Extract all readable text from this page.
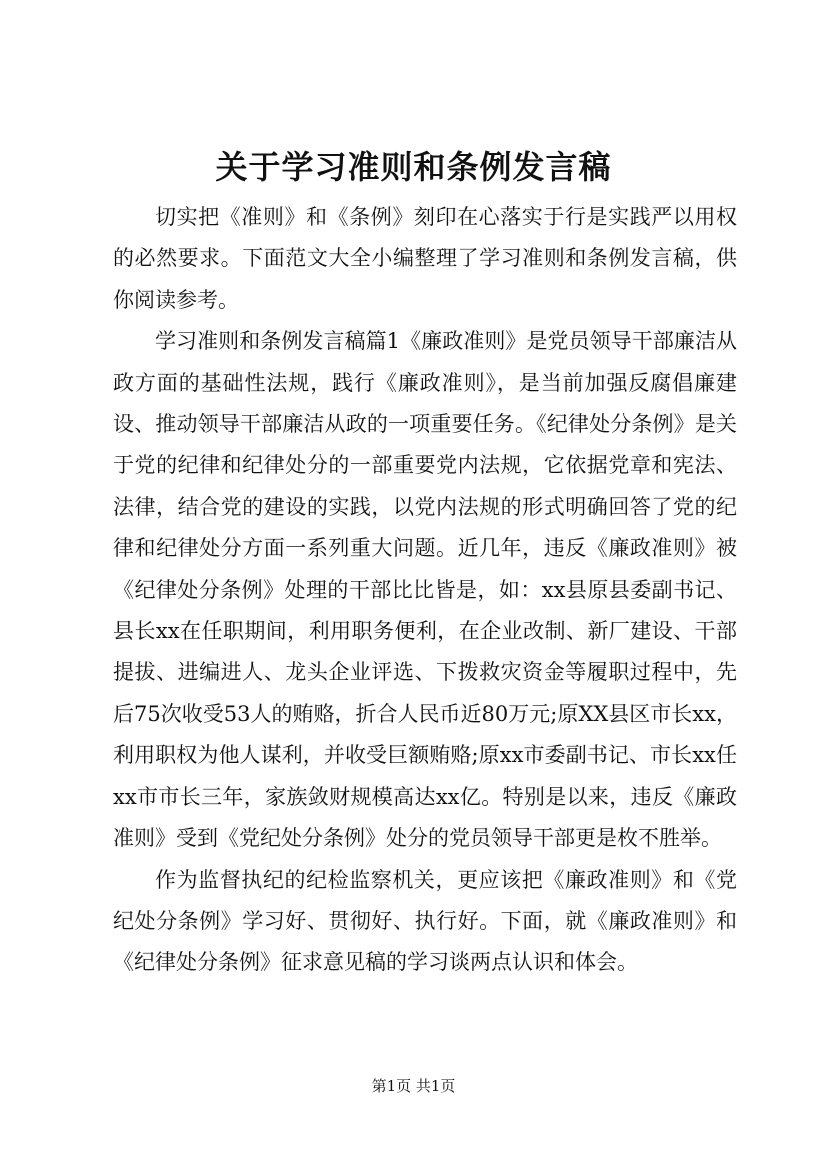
关于学习准则和条例发言稿

切实把《准则》和《条例》刻印在心落实于行是实践严以用权的必然要求。下面范文大全小编整理了学习准则和条例发言稿，供你阅读参考。

学习准则和条例发言稿篇1《廉政准则》是党员领导干部廉洁从政方面的基础性法规，践行《廉政准则》，是当前加强反腐倡廉建设、推动领导干部廉洁从政的一项重要任务。《纪律处分条例》是关于党的纪律和纪律处分的一部重要党内法规，它依据党章和宪法、法律，结合党的建设的实践，以党内法规的形式明确回答了党的纪律和纪律处分方面一系列重大问题。近几年，违反《廉政准则》被《纪律处分条例》处理的干部比比皆是，如：xx县原县委副书记、县长xx在任职期间，利用职务便利，在企业改制、新厂建设、干部提拔、进编进人、龙头企业评选、下拨救灾资金等履职过程中，先后75次收受53人的贿赂，折合人民币近80万元;原XX县区市长xx，利用职权为他人谋利，并收受巨额贿赂;原xx市委副书记、市长xx任xx市市长三年，家族敛财规模高达xx亿。特别是以来，违反《廉政准则》受到《党纪处分条例》处分的党员领导干部更是枚不胜举。

作为监督执纪的纪检监察机关，更应该把《廉政准则》和《党纪处分条例》学习好、贯彻好、执行好。下面，就《廉政准则》和《纪律处分条例》征求意见稿的学习谈两点认识和体会。

第1页 共1页
